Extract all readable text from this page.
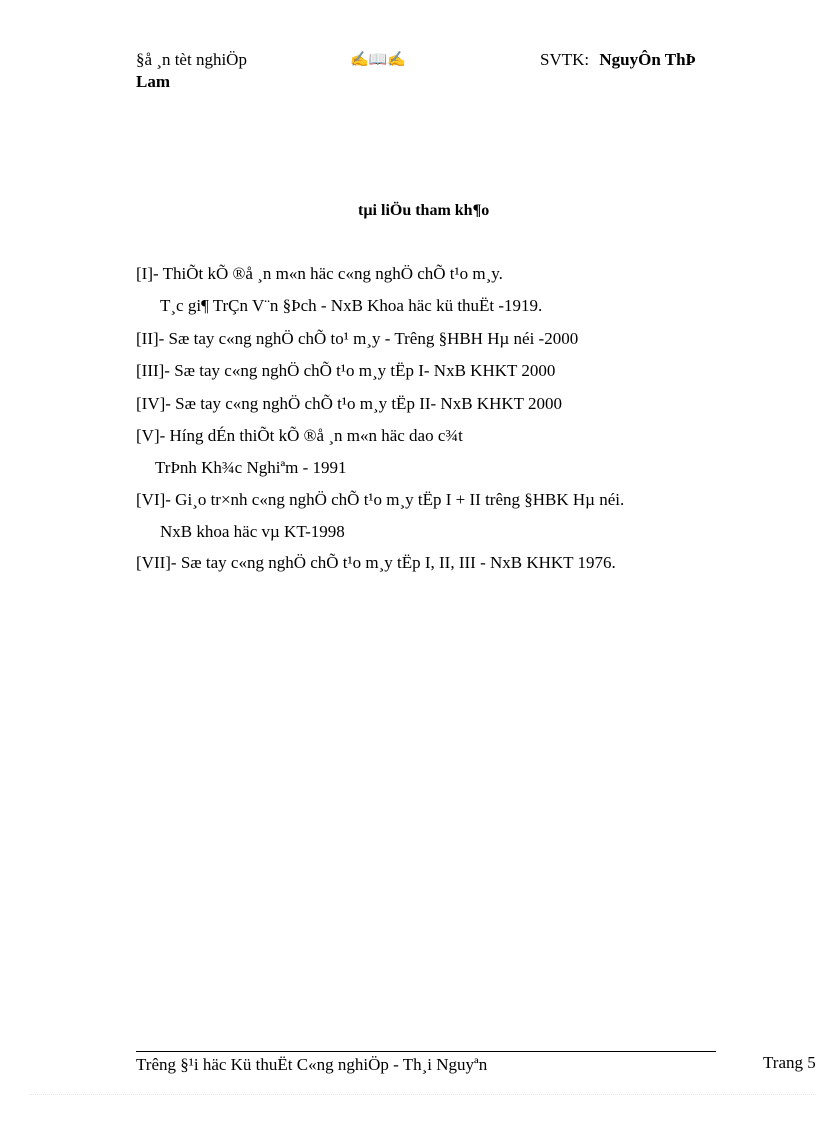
§å ¸n tèt nghiÖp	✍📖✍	SVTK: NguyÔn ThÞ
Lam
tµi liÖu tham kh¶o
[I]- ThiÕt kÕ ®å ¸n m«n häc c«ng nghÖ chÕ t¹o m¸y.
T¸c gi¶ TrÇn V¨n §Þch - NxB Khoa häc kü thuËt -1919.
[II]- Sæ tay c«ng nghÖ chÕ to¹ m¸y - Trêng §HBH Hµ néi -2000
[III]- Sæ tay c«ng nghÖ chÕ t¹o m¸y tËp I- NxB KHKT 2000
[IV]- Sæ tay c«ng nghÖ chÕ t¹o m¸y tËp II- NxB KHKT 2000
[V]- Híng dÉn thiÕt kÕ ®å ¸n m«n häc dao c¾t
TrÞnh Kh¾c Nghiªm - 1991
[VI]- Gi¸o tr×nh c«ng nghÖ chÕ t¹o m¸y tËp I + II trêng §HBK Hµ néi.
NxB khoa häc vµ KT-1998
[VII]- Sæ tay c«ng nghÖ chÕ t¹o m¸y tËp I, II, III - NxB KHKT 1976.
Trêng §¹i häc Kü thuËt C«ng nghiÖp - Th¸i Nguyªn	Trang 5
